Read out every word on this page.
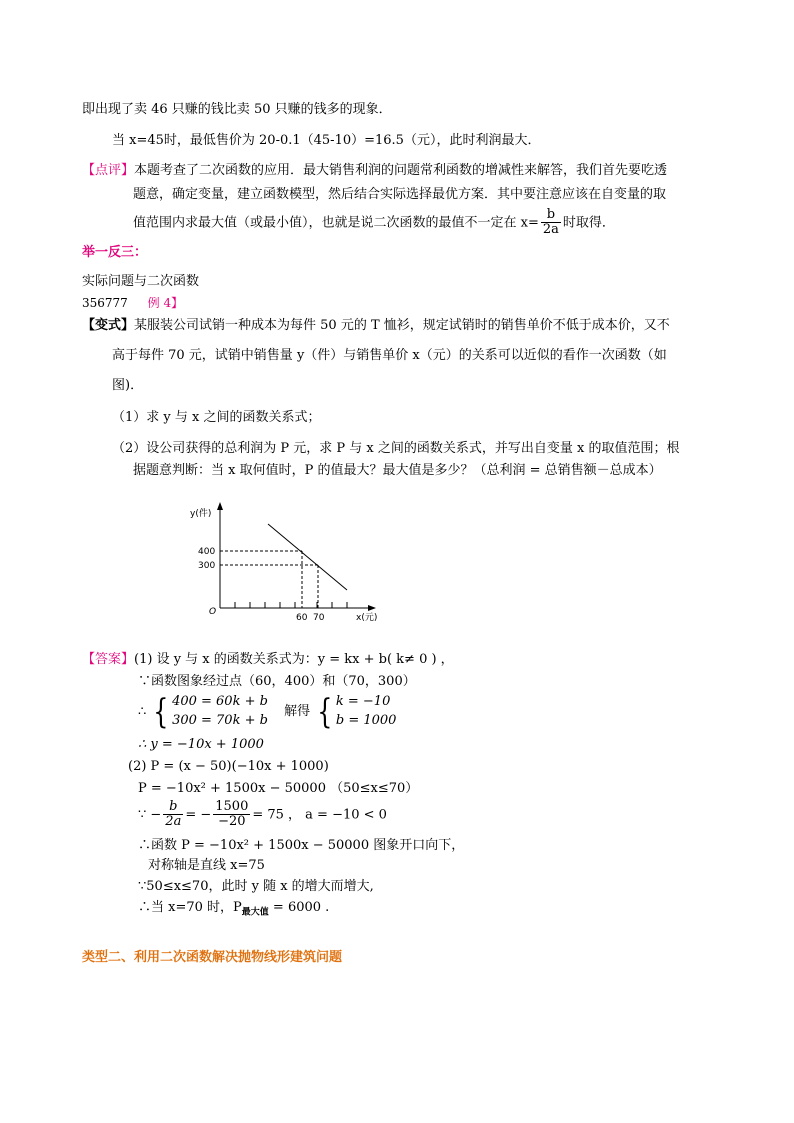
即出现了卖 46 只赚的钱比卖 50 只赚的钱多的现象．
当 x=45时，最低售价为 20-0.1（45-10）=16.5（元），此时利润最大．
【点评】本题考查了二次函数的应用．最大销售利润的问题常利函数的增减性来解答，我们首先要吃透
题意，确定变量，建立函数模型，然后结合实际选择最优方案．其中要注意应该在自变量的取
值范围内求最大值（或最小值），也就是说二次函数的最值不一定在 $x= \frac{b}{2a}$ 时取得．
举一反三：
实际问题与二次函数
356777 例 4】
【变式】某服装公司试销一种成本为每件 50 元的 T 恤衫，规定试销时的销售单价不低于成本价，又不
高于每件 70 元，试销中销售量 y（件）与销售单价 x（元）的关系可以近似的看作一次函数（如
图)．
（1）求 y 与 x 之间的函数关系式；
（2）设公司获得的总利润为 P 元，求 P 与 x 之间的函数关系式，并写出自变量 x 的取值范围；根
据题意判断：当 x 取何值时，P 的值最大？最大值是多少？（总利润 = 总销售额－总成本）
y(件)
x(元)
O
400
300
60 70
【答案】(1) 设 y 与 x 的函数关系式为：y = kx + b( k≠ 0 ) ，
∵函数图象经过点（60，400）和（70，300）
∴ { 400 = 60k + b
300 = 70k + b
解得 { k = −10
b = 1000
∴ y = −10x + 1000
(2) P = (x − 50)(−10x + 1000)
P = −10x² + 1500x − 50000 （50≤x≤70）
∵ − $\frac{b}{2a}$ = − $\frac{1500}{-20} = 75$ ， a = −10 < 0
∴函数 P = −10x² + 1500x − 50000 图象开口向下，
对称轴是直线 x=75
∵50≤x≤70，此时 y 随 x 的增大而增大,
∴当 x=70 时，$P_{最大值} = 6000$ .
类型二、利用二次函数解决抛物线形建筑问题
